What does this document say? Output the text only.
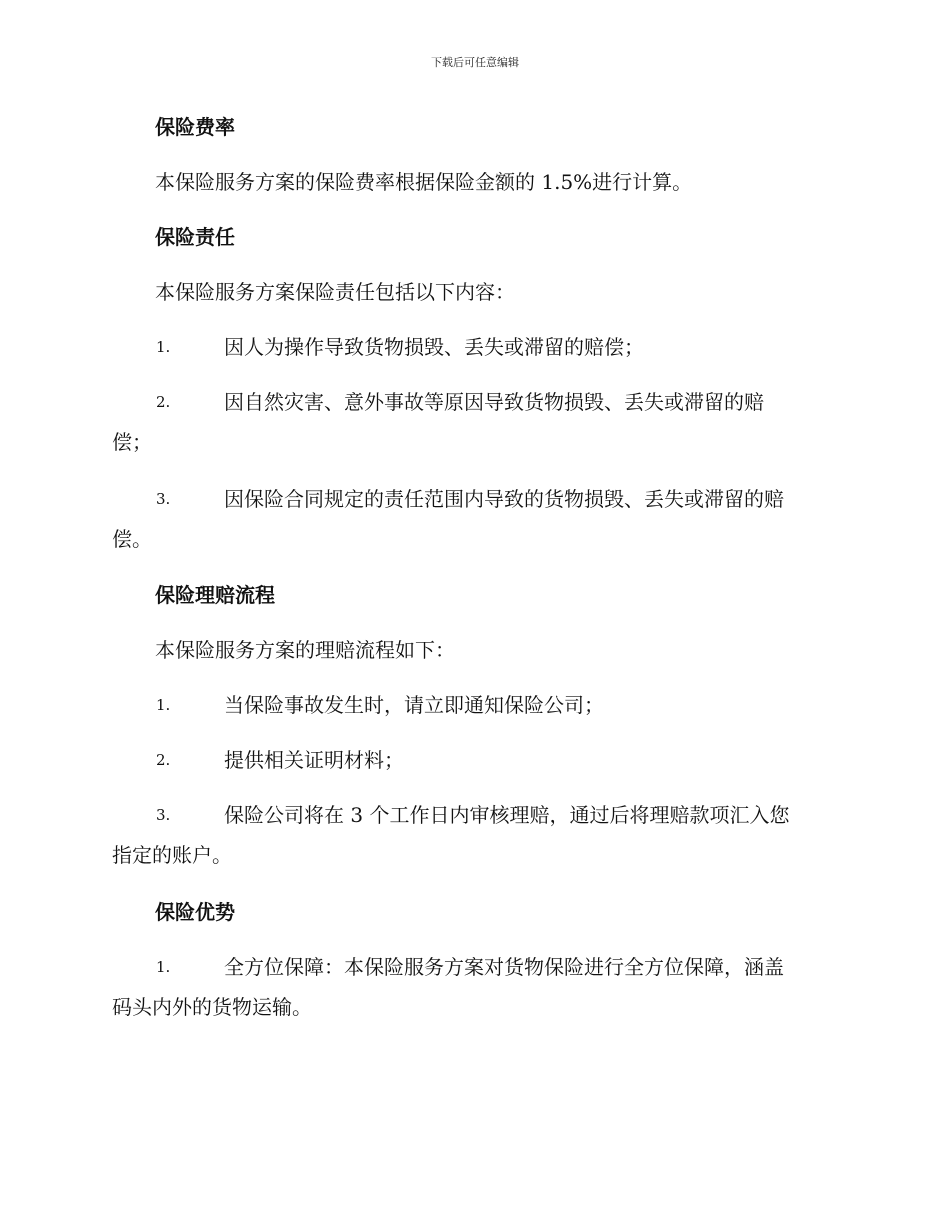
下载后可任意编辑
保险费率
本保险服务方案的保险费率根据保险金额的 1.5%进行计算。
保险责任
本保险服务方案保险责任包括以下内容：
1.	因人为操作导致货物损毁、丢失或滞留的赔偿；
2.	因自然灾害、意外事故等原因导致货物损毁、丢失或滞留的赔
偿；
3.	因保险合同规定的责任范围内导致的货物损毁、丢失或滞留的赔
偿。
保险理赔流程
本保险服务方案的理赔流程如下：
1.	当保险事故发生时，请立即通知保险公司；
2.	提供相关证明材料；
3.	保险公司将在 3 个工作日内审核理赔，通过后将理赔款项汇入您
指定的账户。
保险优势
1.	全方位保障：本保险服务方案对货物保险进行全方位保障，涵盖
码头内外的货物运输。
